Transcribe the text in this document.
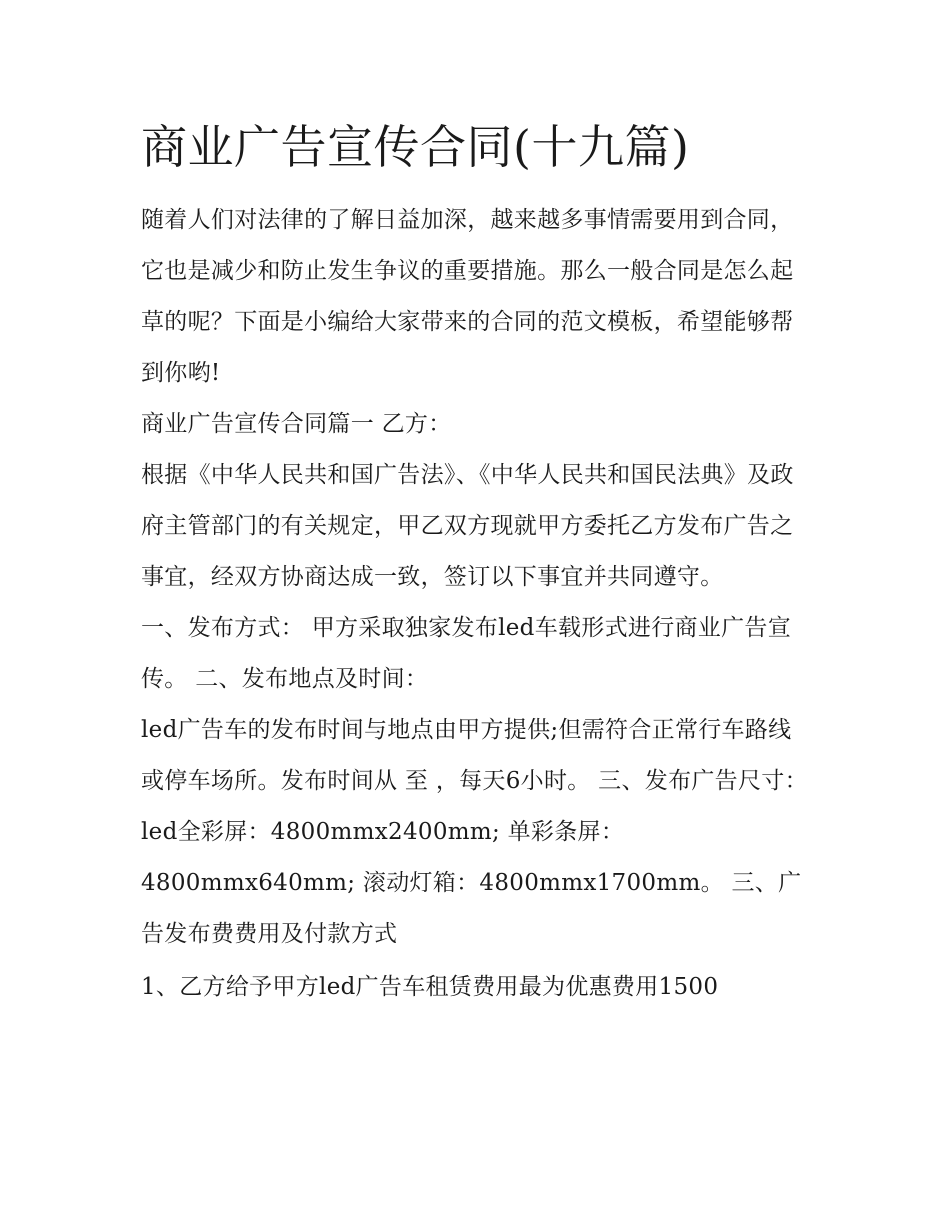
商业广告宣传合同(十九篇)

随着人们对法律的了解日益加深，越来越多事情需要用到合同，它也是减少和防止发生争议的重要措施。那么一般合同是怎么起草的呢？下面是小编给大家带来的合同的范文模板，希望能够帮到你哟!

商业广告宣传合同篇一 乙方：

根据《中华人民共和国广告法》、《中华人民共和国民法典》及政府主管部门的有关规定，甲乙双方现就甲方委托乙方发布广告之事宜，经双方协商达成一致，签订以下事宜并共同遵守。

一、发布方式： 甲方采取独家发布led车载形式进行商业广告宣传。 二、发布地点及时间：

led广告车的发布时间与地点由甲方提供;但需符合正常行车路线或停车场所。发布时间从 至 ，每天6小时。 三、发布广告尺寸：

led全彩屏：4800mmx2400mm; 单彩条屏：4800mmx640mm; 滚动灯箱：4800mmx1700mm。 三、广告发布费费用及付款方式

1、乙方给予甲方led广告车租赁费用最为优惠费用1500
